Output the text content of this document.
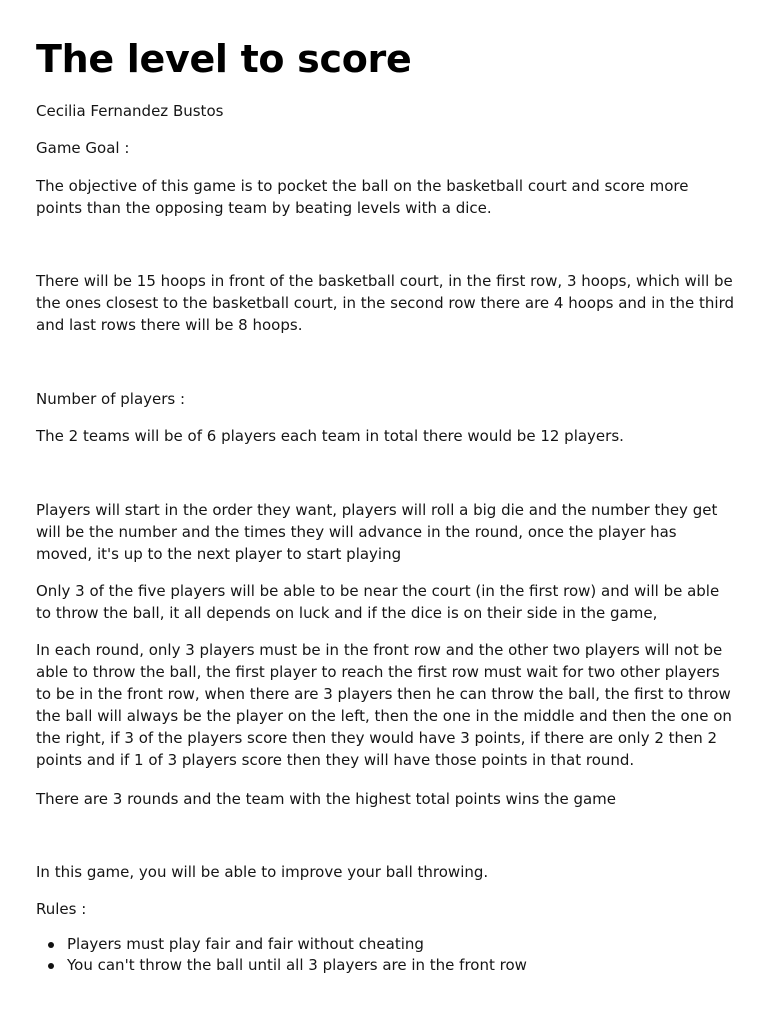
The level to score

Cecilia Fernandez Bustos

Game Goal :

The objective of this game is to pocket the ball on the basketball court and score more points than the opposing team by beating levels with a dice.

There will be 15 hoops in front of the basketball court, in the first row, 3 hoops, which will be the ones closest to the basketball court, in the second row there are 4 hoops and in the third and last rows there will be 8 hoops.

Number of players :

The 2 teams will be of 6 players each team in total there would be 12 players.

Players will start in the order they want, players will roll a big die and the number they get will be the number and the times they will advance in the round, once the player has moved, it's up to the next player to start playing

Only 3 of the five players will be able to be near the court (in the first row) and will be able to throw the ball, it all depends on luck and if the dice is on their side in the game,

In each round, only 3 players must be in the front row and the other two players will not be able to throw the ball, the first player to reach the first row must wait for two other players to be in the front row, when there are 3 players then he can throw the ball, the first to throw the ball will always be the player on the left, then the one in the middle and then the one on the right, if 3 of the players score then they would have 3 points, if there are only 2 then 2 points and if 1 of 3 players score then they will have those points in that round.

There are 3 rounds and the team with the highest total points wins the game

In this game, you will be able to improve your ball throwing.

Rules :

Players must play fair and fair without cheating
You can't throw the ball until all 3 players are in the front row
